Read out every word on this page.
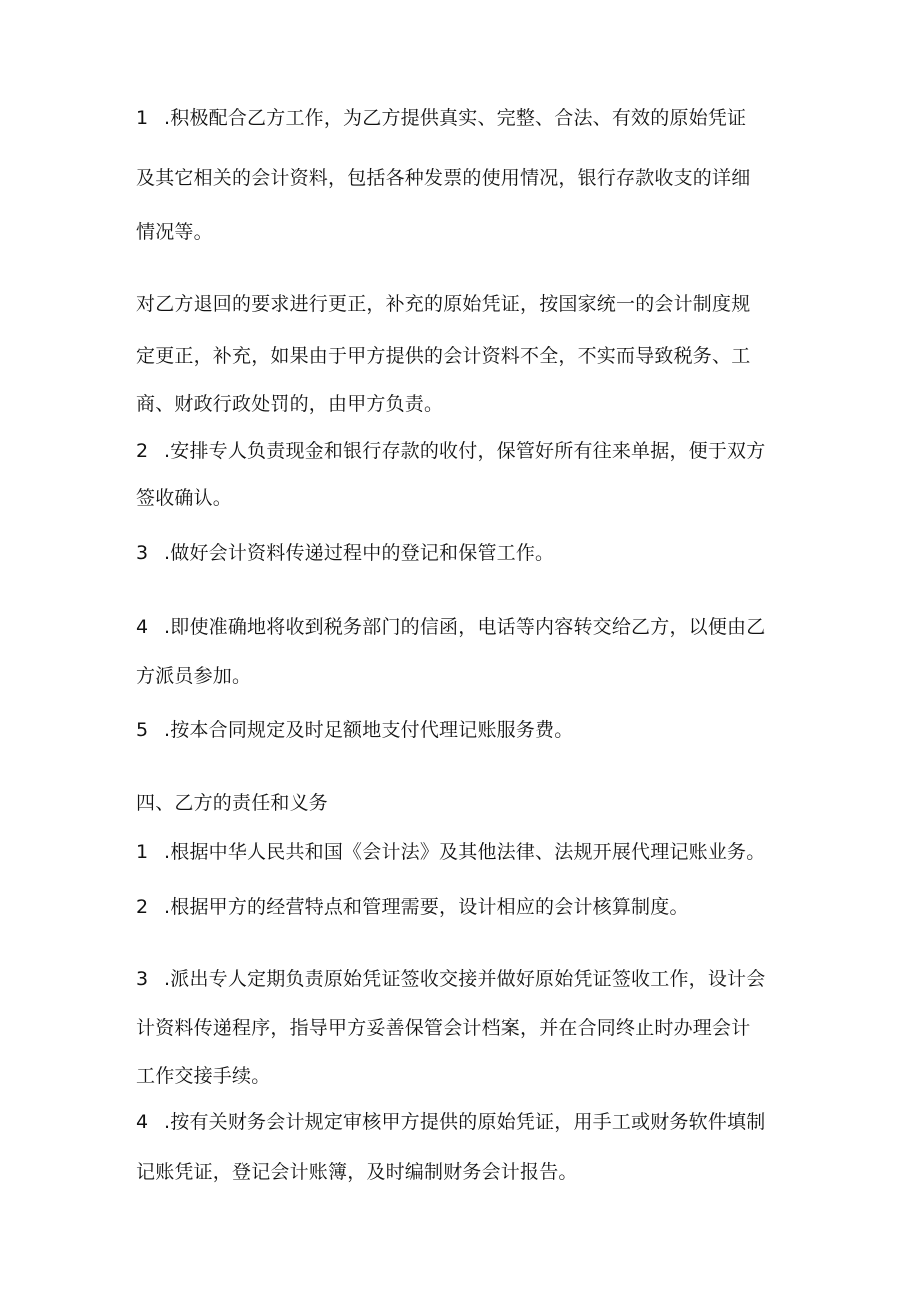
1 .积极配合乙方工作，为乙方提供真实、完整、合法、有效的原始凭证
及其它相关的会计资料，包括各种发票的使用情况，银行存款收支的详细
情况等。
对乙方退回的要求进行更正，补充的原始凭证，按国家统一的会计制度规
定更正，补充，如果由于甲方提供的会计资料不全，不实而导致税务、工
商、财政行政处罚的，由甲方负责。
2 .安排专人负责现金和银行存款的收付，保管好所有往来单据，便于双方
签收确认。
3 .做好会计资料传递过程中的登记和保管工作。
4 .即使准确地将收到税务部门的信函，电话等内容转交给乙方，以便由乙
方派员参加。
5 .按本合同规定及时足额地支付代理记账服务费。
四、乙方的责任和义务
1 .根据中华人民共和国《会计法》及其他法律、法规开展代理记账业务。
2 .根据甲方的经营特点和管理需要，设计相应的会计核算制度。
3 .派出专人定期负责原始凭证签收交接并做好原始凭证签收工作，设计会
计资料传递程序，指导甲方妥善保管会计档案，并在合同终止时办理会计
工作交接手续。
4 .按有关财务会计规定审核甲方提供的原始凭证，用手工或财务软件填制
记账凭证，登记会计账簿，及时编制财务会计报告。
